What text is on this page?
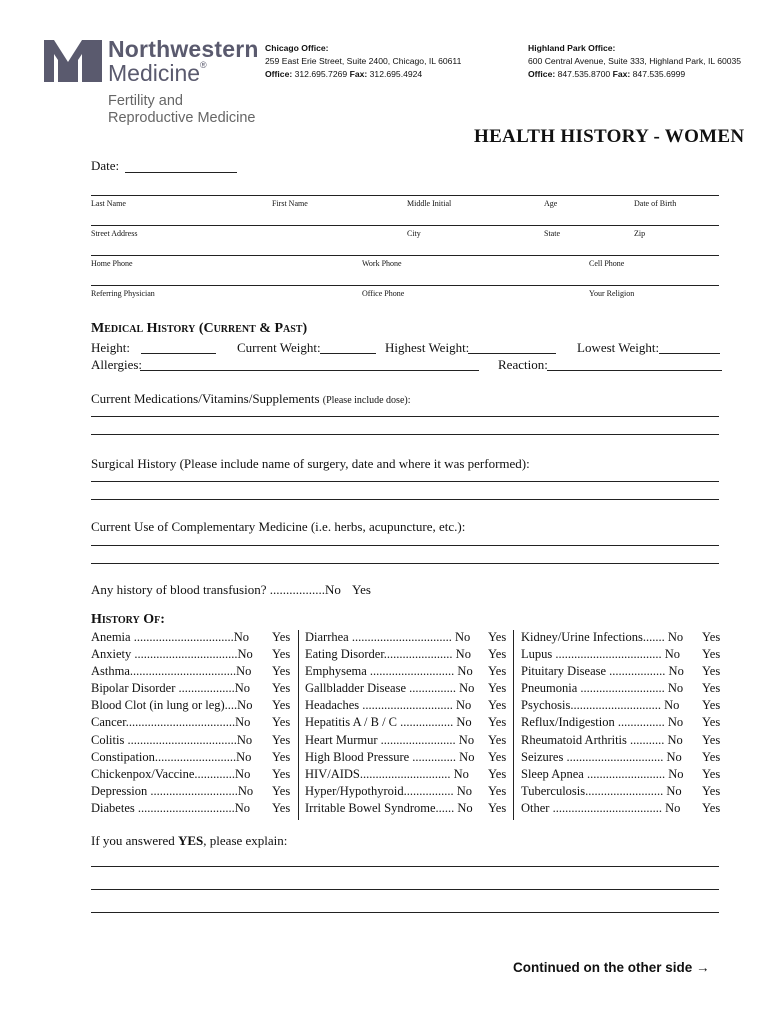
Northwestern
Medicine®
Fertility and
Reproductive Medicine
Chicago Office:
259 East Erie Street, Suite 2400, Chicago, IL 60611
Office: 312.695.7269 Fax: 312.695.4924
Highland Park Office:
600 Central Avenue, Suite 333, Highland Park, IL 60035
Office: 847.535.8700 Fax: 847.535.6999
HEALTH HISTORY - WOMEN
Date:
Last Name	First Name	Middle Initial	Age	Date of Birth
Street Address	City	State	Zip
Home Phone	Work Phone	Cell Phone
Referring Physician	Office Phone	Your Religion
Medical History (Current & Past)
Height:	Current Weight:	Highest Weight:	Lowest Weight:
Allergies:	Reaction:
Current Medications/Vitamins/Supplements (Please include dose):
Surgical History (Please include name of surgery, date and where it was performed):
Current Use of Complementary Medicine (i.e. herbs, acupuncture, etc.):
Any history of blood transfusion? .................No Yes
History Of:
Anemia ................................No Yes
Anxiety .................................No Yes
Asthma..................................No Yes
Bipolar Disorder ..................No Yes
Blood Clot (in lung or leg)....No Yes
Cancer...................................No Yes
Colitis ...................................No Yes
Constipation..........................No Yes
Chickenpox/Vaccine.............No Yes
Depression ............................No Yes
Diabetes ...............................No Yes
Diarrhea ................................ No Yes
Eating Disorder...................... No Yes
Emphysema ........................... No Yes
Gallbladder Disease ............... No Yes
Headaches ............................. No Yes
Hepatitis A / B / C ................. No Yes
Heart Murmur ........................ No Yes
High Blood Pressure .............. No Yes
HIV/AIDS............................. No Yes
Hyper/Hypothyroid................ No Yes
Irritable Bowel Syndrome...... No Yes
Kidney/Urine Infections....... No Yes
Lupus .................................. No Yes
Pituitary Disease .................. No Yes
Pneumonia ........................... No Yes
Psychosis............................. No Yes
Reflux/Indigestion ............... No Yes
Rheumatoid Arthritis ........... No Yes
Seizures ............................... No Yes
Sleep Apnea ......................... No Yes
Tuberculosis......................... No Yes
Other ................................... No Yes
If you answered YES, please explain:
Continued on the other side →
